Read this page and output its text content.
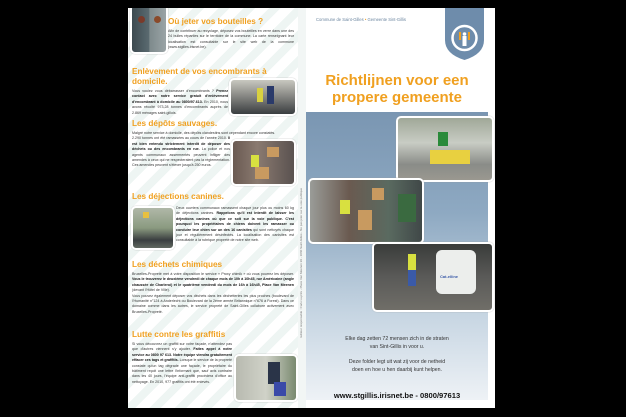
Où jeter vos bouteilles ?

Afin de contribuer au recyclage, déposez vos bouteilles en verre dans une des 24 bulles réparties sur le territoire de la commune. La carte renseignant leur localisation est consultable sur le site web de la commune (www.stgilles.irisnet.be).

Enlèvement de vos encombrants à domicile.

Vous voulez vous débarrasser d'encombrants ? Prenez contact avec notre service gratuit d'enlèvement d'encombrant à domicile au 0800/97.613. En 2010, nous avons récolté 973,28 tonnes d'encombrants auprès de 2.869 ménages saint-gillois.

Les dépôts sauvages.

Malgré notre service à domicile, des dépôts clandestins sont cependant encore constatés.

2.290 tonnes ont été ramassées au cours de l'année 2010. Il est bien entendu strictement interdit de déposer des déchets ou des encombrants en rue. La police et nos agents communaux assermentés peuvent infliger des amendes à ceux qui ne respecteraient pas la réglementation. Ces amendes peuvent s'élever jusqu'à 250 euros.

Les déjections canines.

Deux ouvriers communaux ramassent chaque jour plus ou moins 60 kg de déjections canines. Rappelons qu'il est interdit de laisser les déjections canines où que ce soit sur la voie publique. C'est pourquoi les propriétaires de chiens doivent les ramasser ou conduire leur chien sur un des 16 canisites qui sont nettoyés chaque jour et régulièrement désinfectés. La localisation des canisites est consultable à la rubrique propreté de notre site web.

Les déchets chimiques

Bruxelles-Propreté met à votre disposition le service « Proxy chimik » où vous pourrez les déposer. Vous le trouverez le deuxième vendredi de chaque mois de 10h à 10h45, rue Américaine (angle chaussée de Charleroi) et le quatrième vendredi du mois de 16h à 16h45, Place Van Meenen (devant l'Hôtel de Ville).

Vous pouvez également déposer vos déchets dans les déchetteries les plus proches (boulevard de l'Humanité n°124 à Anderlecht ou Boulevard de la 2ème armée Britannique n°676 à Forest). Dans ce domaine comme dans les autres, le service propreté de Saint-Gilles collabore activement avec Bruxelles-Propreté.

Lutte contre les graffitis

Si vous découvrez un graffiti sur votre façade, n'attendez pas que d'autres viennent s'y ajouter. Faites appel à notre service au 0800 97 613. Notre équipe viendra gratuitement effacer ces tags et graffitis. Lorsque le service de la propreté constate qu'un tag dégrade une façade, le propriétaire du bâtiment reçoit une lettre l'informant que, sauf avis contraire dans les 40 jours, l'équipe anti-graffiti procèdera d'office au nettoyage. En 2010, 977 graffitis ont été enlevés.

Editeur responsable : Carlo Luyckx - Place Van Meenen 39 - 1060 Saint-Gilles - Ne pas jeter sur la voie publique
Commune de Saint-Gilles • Gemeente Sint-Gillis
Richtlijnen voor een
propere gemeente
Cat-elline
Elke dag zetten 72 mensen zich in de straten
van Sint-Gillis in voor u.
Deze folder legt uit wat zij voor de netheid
doen en hoe u hen daarbij kunt helpen.
www.stgillis.irisnet.be - 0800/97613
